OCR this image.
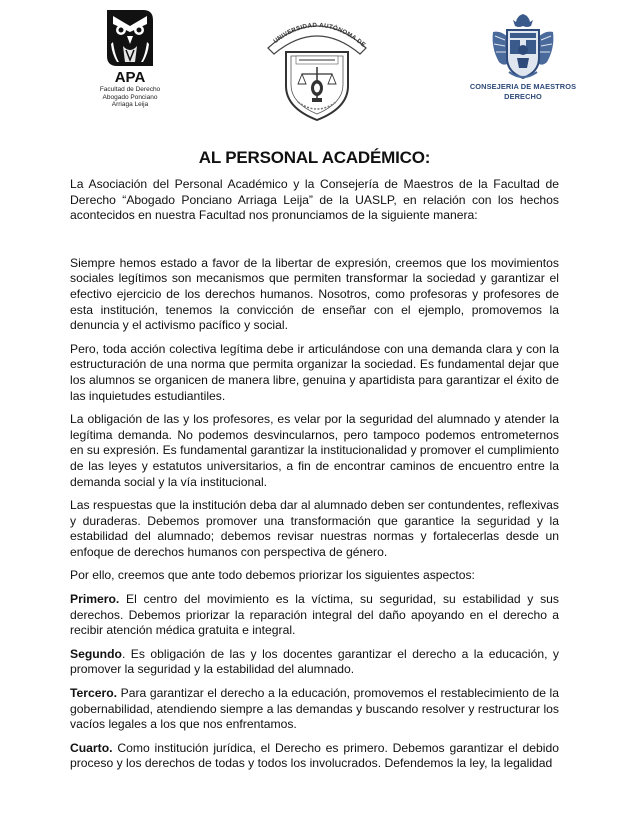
APA
Facultad de Derecho
Abogado Ponciano
Arriaga Leija
UNIVERSIDAD AUTÓNOMA DE
CONSEJERIA DE MAESTROS
DERECHO
AL PERSONAL ACADÉMICO:

La Asociación del Personal Académico y la Consejería de Maestros de la Facultad de Derecho “Abogado Ponciano Arriaga Leija” de la UASLP, en relación con los hechos acontecidos en nuestra Facultad nos pronunciamos de la siguiente manera:

Siempre hemos estado a favor de la libertar de expresión, creemos que los movimientos sociales legítimos son mecanismos que permiten transformar la sociedad y garantizar el efectivo ejercicio de los derechos humanos. Nosotros, como profesoras y profesores de esta institución, tenemos la convicción de enseñar con el ejemplo, promovemos la denuncia y el activismo pacífico y social.

Pero, toda acción colectiva legítima debe ir articulándose con una demanda clara y con la estructuración de una norma que permita organizar la sociedad. Es fundamental dejar que los alumnos se organicen de manera libre, genuina y apartidista para garantizar el éxito de las inquietudes estudiantiles.

La obligación de las y los profesores, es velar por la seguridad del alumnado y atender la legítima demanda. No podemos desvincularnos, pero tampoco podemos entrometernos en su expresión. Es fundamental garantizar la institucionalidad y promover el cumplimiento de las leyes y estatutos universitarios, a fin de encontrar caminos de encuentro entre la demanda social y la vía institucional.

Las respuestas que la institución deba dar al alumnado deben ser contundentes, reflexivas y duraderas. Debemos promover una transformación que garantice la seguridad y la estabilidad del alumnado; debemos revisar nuestras normas y fortalecerlas desde un enfoque de derechos humanos con perspectiva de género.

Por ello, creemos que ante todo debemos priorizar los siguientes aspectos:

Primero. El centro del movimiento es la víctima, su seguridad, su estabilidad y sus derechos. Debemos priorizar la reparación integral del daño apoyando en el derecho a recibir atención médica gratuita e integral.

Segundo. Es obligación de las y los docentes garantizar el derecho a la educación, y promover la seguridad y la estabilidad del alumnado.

Tercero. Para garantizar el derecho a la educación, promovemos el restablecimiento de la gobernabilidad, atendiendo siempre a las demandas y buscando resolver y restructurar los vacíos legales a los que nos enfrentamos.

Cuarto. Como institución jurídica, el Derecho es primero. Debemos garantizar el debido proceso y los derechos de todas y todos los involucrados. Defendemos la ley, la legalidad
